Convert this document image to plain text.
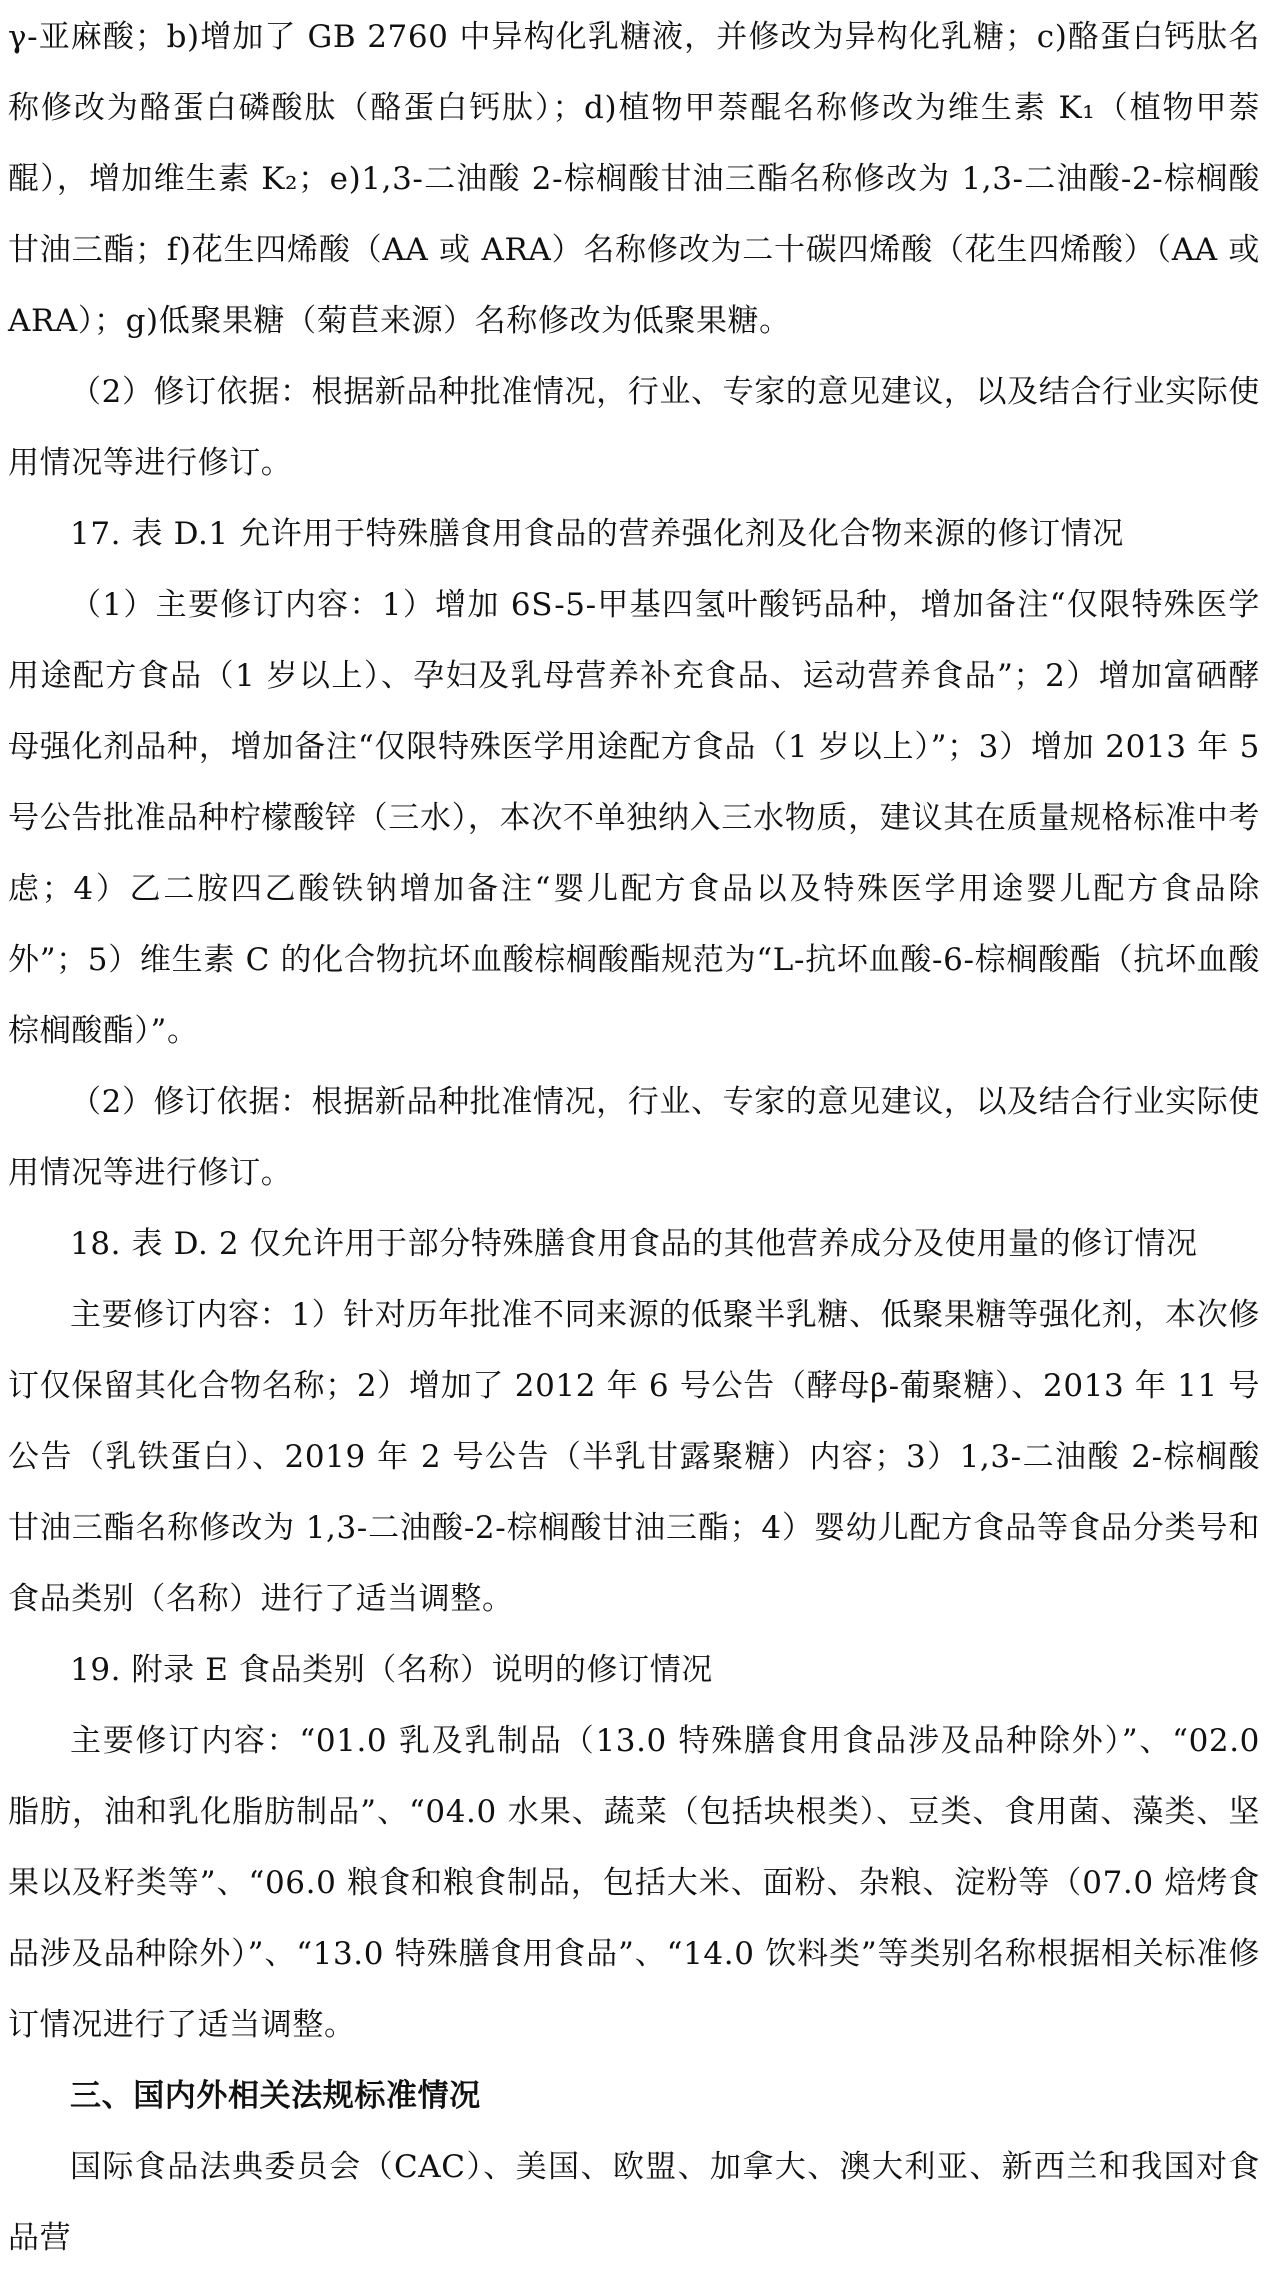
γ-亚麻酸；b)增加了 GB 2760 中异构化乳糖液，并修改为异构化乳糖；c)酪蛋白钙肽名称修改为酪蛋白磷酸肽（酪蛋白钙肽）；d)植物甲萘醌名称修改为维生素 K₁（植物甲萘醌），增加维生素 K₂；e)1,3-二油酸 2-棕榈酸甘油三酯名称修改为 1,3-二油酸-2-棕榈酸甘油三酯；f)花生四烯酸（AA 或 ARA）名称修改为二十碳四烯酸（花生四烯酸）（AA 或 ARA）；g)低聚果糖（菊苣来源）名称修改为低聚果糖。

（2）修订依据：根据新品种批准情况，行业、专家的意见建议，以及结合行业实际使用情况等进行修订。

17. 表 D.1 允许用于特殊膳食用食品的营养强化剂及化合物来源的修订情况

（1）主要修订内容：1）增加 6S-5-甲基四氢叶酸钙品种，增加备注“仅限特殊医学用途配方食品（1 岁以上）、孕妇及乳母营养补充食品、运动营养食品”；2）增加富硒酵母强化剂品种，增加备注“仅限特殊医学用途配方食品（1 岁以上）”；3）增加 2013 年 5 号公告批准品种柠檬酸锌（三水），本次不单独纳入三水物质，建议其在质量规格标准中考虑；4）乙二胺四乙酸铁钠增加备注“婴儿配方食品以及特殊医学用途婴儿配方食品除外”；5）维生素 C 的化合物抗坏血酸棕榈酸酯规范为“L-抗坏血酸-6-棕榈酸酯（抗坏血酸棕榈酸酯）”。

（2）修订依据：根据新品种批准情况，行业、专家的意见建议，以及结合行业实际使用情况等进行修订。

18. 表 D. 2 仅允许用于部分特殊膳食用食品的其他营养成分及使用量的修订情况

主要修订内容：1）针对历年批准不同来源的低聚半乳糖、低聚果糖等强化剂，本次修订仅保留其化合物名称；2）增加了 2012 年 6 号公告（酵母β-葡聚糖）、2013 年 11 号公告（乳铁蛋白）、2019 年 2 号公告（半乳甘露聚糖）内容；3）1,3-二油酸 2-棕榈酸甘油三酯名称修改为 1,3-二油酸-2-棕榈酸甘油三酯；4）婴幼儿配方食品等食品分类号和食品类别（名称）进行了适当调整。

19. 附录 E 食品类别（名称）说明的修订情况

主要修订内容：“01.0 乳及乳制品（13.0 特殊膳食用食品涉及品种除外）”、“02.0 脂肪，油和乳化脂肪制品”、“04.0 水果、蔬菜（包括块根类）、豆类、食用菌、藻类、坚果以及籽类等”、“06.0 粮食和粮食制品，包括大米、面粉、杂粮、淀粉等（07.0 焙烤食品涉及品种除外）”、“13.0 特殊膳食用食品”、“14.0 饮料类”等类别名称根据相关标准修订情况进行了适当调整。

三、国内外相关法规标准情况

国际食品法典委员会（CAC）、美国、欧盟、加拿大、澳大利亚、新西兰和我国对食品营
